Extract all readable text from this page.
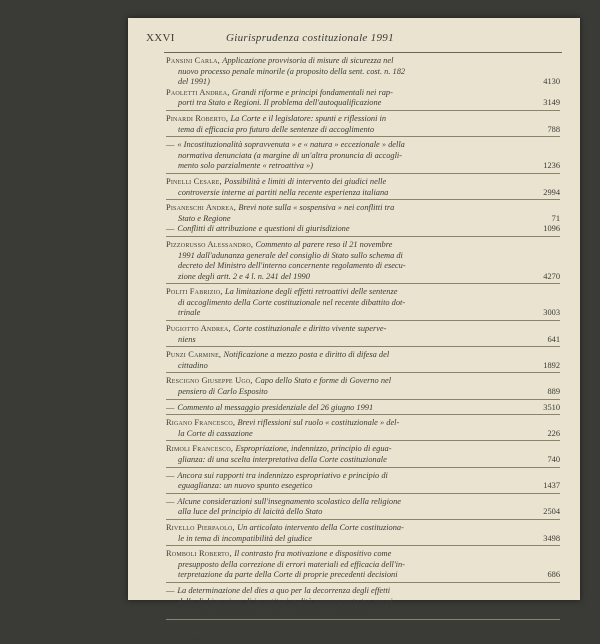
XXVI	Giurisprudenza costituzionale 1991
Pansini Carla, Applicazione provvisoria di misure di sicurezza nel
nuovo processo penale minorile (a proposito della sent. cost. n. 182
del 1991)	4130
Paoletti Andrea, Grandi riforme e principi fondamentali nei rap-
porti tra Stato e Regioni. Il problema dell'autoqualificazione	3149
Pinardi Roberto, La Corte e il legislatore: spunti e riflessioni in
tema di efficacia pro futuro delle sentenze di accoglimento	788
— « Incostituzionalità sopravvenuta » e « natura » eccezionale » della
normativa denunciata (a margine di un'altra pronuncia di accogli-
mento solo parzialmente « retroattiva »)	1236
Pinelli Cesare, Possibilità e limiti di intervento dei giudici nelle
controversie interne ai partiti nella recente esperienza italiana	2994
Pisaneschi Andrea, Brevi note sulla « sospensiva » nei conflitti tra
Stato e Regione	71
— Conflitti di attribuzione e questioni di giurisdizione	1096
Pizzorusso Alessandro, Commento al parere reso il 21 novembre
1991 dall'adunanza generale del consiglio di Stato sullo schema di
decreto del Ministro dell'interno concernente regolamento di esecu-
zione degli artt. 2 e 4 l. n. 241 del 1990	4270
Politi Fabrizio, La limitazione degli effetti retroattivi delle sentenze
di accoglimento della Corte costituzionale nel recente dibattito dot-
trinale	3003
Pugiotto Andrea, Corte costituzionale e diritto vivente superve-
niens	641
Punzi Carmine, Notificazione a mezzo posta e diritto di difesa del
cittadino	1892
Rescigno Giuseppe Ugo, Capo dello Stato e forme di Governo nel
pensiero di Carlo Esposito	889
— Commento al messaggio presidenziale del 26 giugno 1991	3510
Rigano Francesco, Brevi riflessioni sul ruolo « costituzionale » del-
la Corte di cassazione	226
Rimoli Francesco, Espropriazione, indennizzo, principio di egua-
glianza: di una scelta interpretativa della Corte costituzionale	740
— Ancora sui rapporti tra indennizzo espropriativo e principio di
eguaglianza: un nuovo spunto esegetico	1437
— Alcune considerazioni sull'insegnamento scolastico della religione
alla luce del principio di laicità dello Stato	2504
Rivello Pierpaolo, Un articolato intervento della Corte costituziona-
le in tema di incompatibilità del giudice	3498
Romboli Roberto, Il contrasto fra motivazione e dispositivo come
presupposto della correzione di errori materiali ed efficacia dell'in-
terpretazione da parte della Corte di proprie precedenti decisioni	686
— La determinazione del dies a quo per la decorrenza degli effetti
della dichiarazione di incostituzionalità sopravvenuta tra errori
materiali e preoccupazioni per le conseguenze finanziarie	3259
Rossi Emanuele, Le comunità ebraiche dal regio decreto del 1930 al-
l'intesa del 1987	705
